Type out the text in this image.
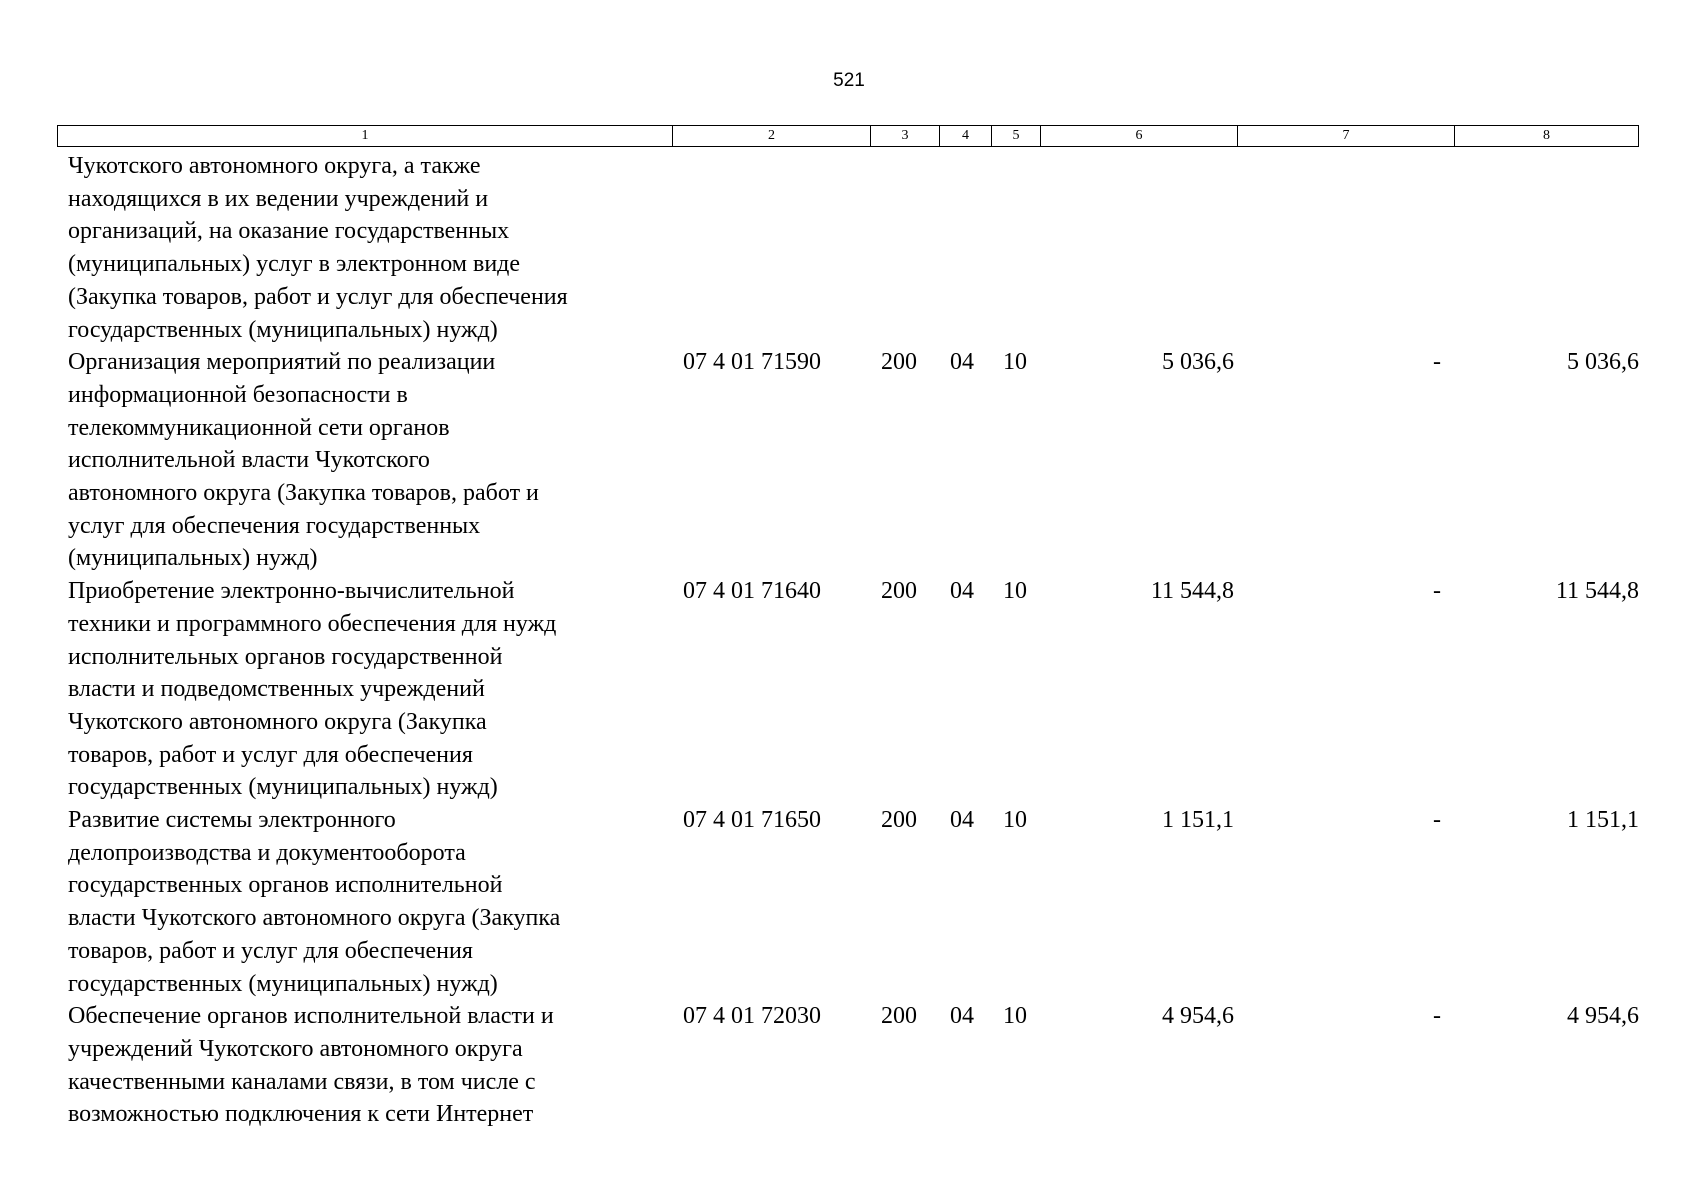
521
1	2	3	4	5	6	7	8
Чукотского автономного округа, а также
находящихся в их ведении учреждений и
организаций, на оказание государственных
(муниципальных) услуг в электронном виде
(Закупка товаров, работ и услуг для обеспечения
государственных (муниципальных) нужд)
Организация мероприятий по реализации
информационной безопасности в
телекоммуникационной сети органов
исполнительной власти Чукотского
автономного округа (Закупка товаров, работ и
услуг для обеспечения государственных
(муниципальных) нужд)
07 4 01 71590	200 04 10	5 036,6	-	5 036,6
Приобретение электронно-вычислительной
техники и программного обеспечения для нужд
исполнительных органов государственной
власти и подведомственных учреждений
Чукотского автономного округа (Закупка
товаров, работ и услуг для обеспечения
государственных (муниципальных) нужд)
07 4 01 71640	200 04 10	11 544,8	-	11 544,8
Развитие системы электронного
делопроизводства и документооборота
государственных органов исполнительной
власти Чукотского автономного округа (Закупка
товаров, работ и услуг для обеспечения
государственных (муниципальных) нужд)
07 4 01 71650	200 04 10	1 151,1	-	1 151,1
Обеспечение органов исполнительной власти и
учреждений Чукотского автономного округа
качественными каналами связи, в том числе с
возможностью подключения к сети Интернет
07 4 01 72030	200 04 10	4 954,6	-	4 954,6
